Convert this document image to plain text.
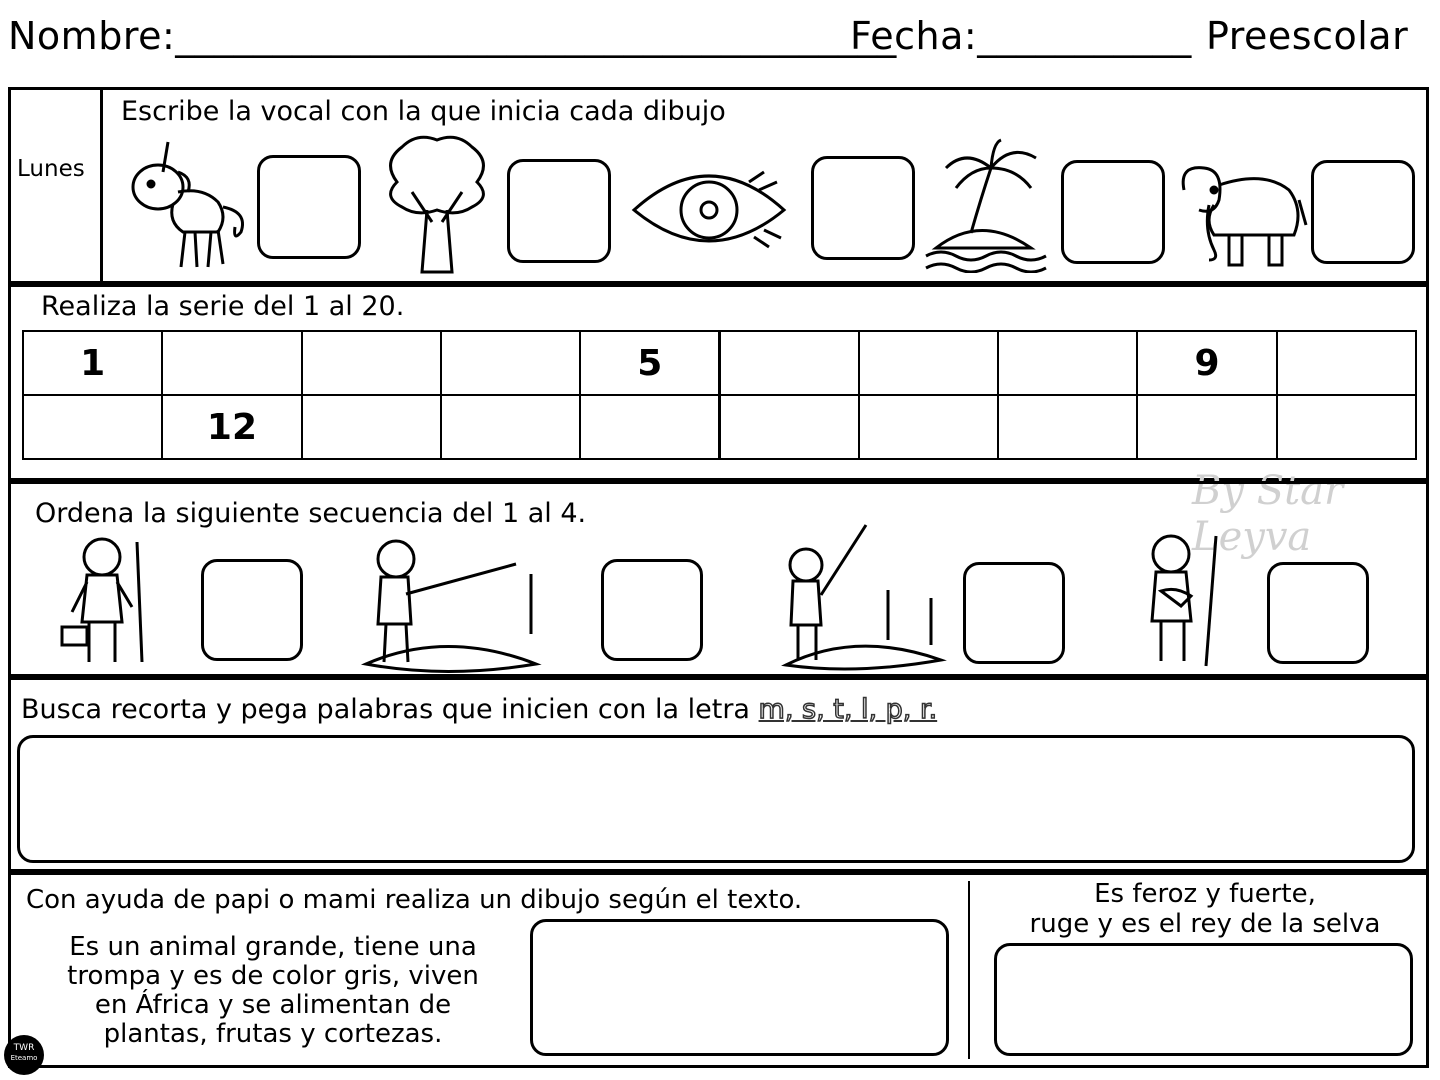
Nombre:_____________________________________
Fecha:___________ Preescolar
Lunes
Escribe la vocal con la que inicia cada dibujo
Realiza la serie del 1 al 20.
1	5	9
12
By Star Leyva
Ordena la siguiente secuencia del 1 al 4.
Busca recorta y pega palabras que inicien con la letra m, s, t, l, p, r.
Con ayuda de papi o mami realiza un dibujo según el texto.
Es un animal grande, tiene una
trompa y es de color gris, viven
en África y se alimentan de
plantas, frutas y cortezas.
Es feroz y fuerte,
ruge y es el rey de la selva
TWR
Eteamo
